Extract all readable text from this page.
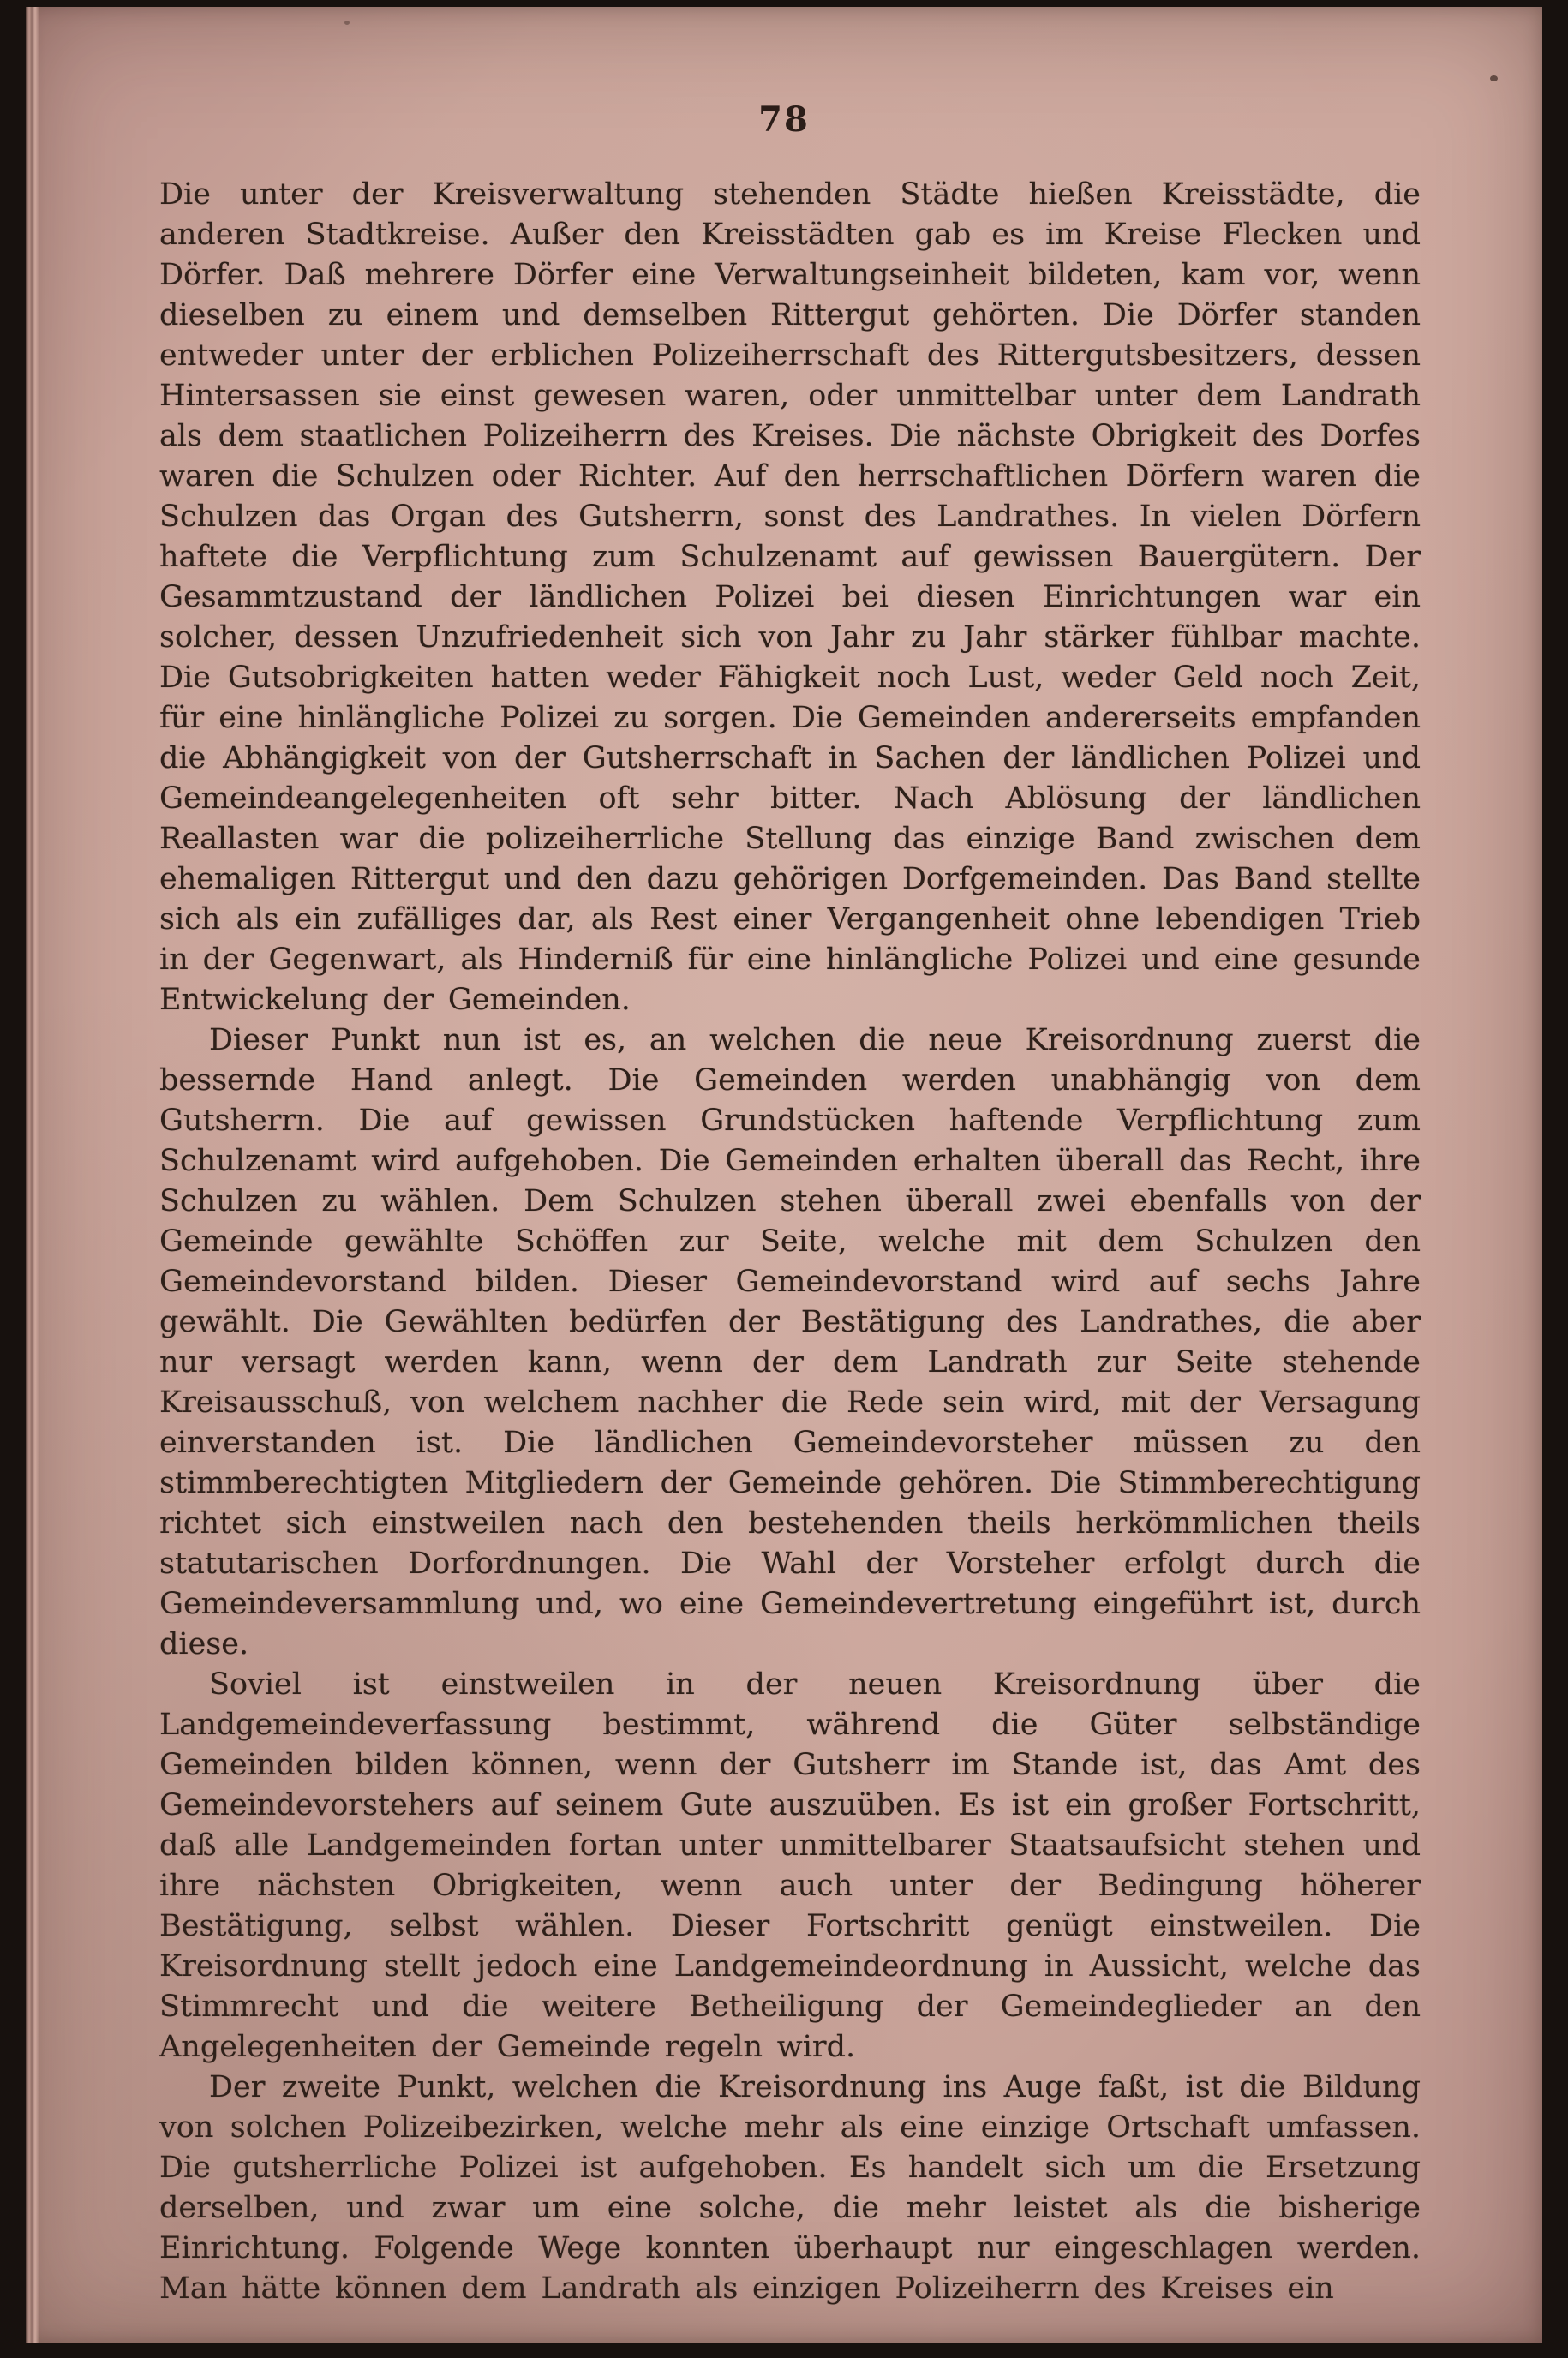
78

Die unter der Kreisverwaltung stehenden Städte hießen Kreisstädte, die anderen Stadtkreise. Außer den Kreisstädten gab es im Kreise Flecken und Dörfer. Daß mehrere Dörfer eine Verwaltungseinheit bildeten, kam vor, wenn dieselben zu einem und demselben Rittergut gehörten. Die Dörfer standen entweder unter der erblichen Polizeiherrschaft des Rittergutsbesitzers, dessen Hintersassen sie einst gewesen waren, oder unmittelbar unter dem Landrath als dem staatlichen Polizeiherrn des Kreises. Die nächste Obrigkeit des Dorfes waren die Schulzen oder Richter. Auf den herrschaftlichen Dörfern waren die Schulzen das Organ des Gutsherrn, sonst des Landrathes. In vielen Dörfern haftete die Verpflichtung zum Schulzenamt auf gewissen Bauergütern. Der Gesammtzustand der ländlichen Polizei bei diesen Einrichtungen war ein solcher, dessen Unzufriedenheit sich von Jahr zu Jahr stärker fühlbar machte. Die Gutsobrigkeiten hatten weder Fähigkeit noch Lust, weder Geld noch Zeit, für eine hinlängliche Polizei zu sorgen. Die Gemeinden andererseits empfanden die Abhängigkeit von der Gutsherrschaft in Sachen der ländlichen Polizei und Gemeindeangelegenheiten oft sehr bitter. Nach Ablösung der ländlichen Reallasten war die polizeiherrliche Stellung das einzige Band zwischen dem ehemaligen Rittergut und den dazu gehörigen Dorfgemeinden. Das Band stellte sich als ein zufälliges dar, als Rest einer Vergangenheit ohne lebendigen Trieb in der Gegenwart, als Hinderniß für eine hinlängliche Polizei und eine gesunde Entwickelung der Gemeinden.

Dieser Punkt nun ist es, an welchen die neue Kreisordnung zuerst die bessernde Hand anlegt. Die Gemeinden werden unabhängig von dem Gutsherrn. Die auf gewissen Grundstücken haftende Verpflichtung zum Schulzenamt wird aufgehoben. Die Gemeinden erhalten überall das Recht, ihre Schulzen zu wählen. Dem Schulzen stehen überall zwei ebenfalls von der Gemeinde gewählte Schöffen zur Seite, welche mit dem Schulzen den Gemeindevorstand bilden. Dieser Gemeindevorstand wird auf sechs Jahre gewählt. Die Gewählten bedürfen der Bestätigung des Landrathes, die aber nur versagt werden kann, wenn der dem Landrath zur Seite stehende Kreisausschuß, von welchem nachher die Rede sein wird, mit der Versagung einverstanden ist. Die ländlichen Gemeindevorsteher müssen zu den stimmberechtigten Mitgliedern der Gemeinde gehören. Die Stimmberechtigung richtet sich einstweilen nach den bestehenden theils herkömmlichen theils statutarischen Dorfordnungen. Die Wahl der Vorsteher erfolgt durch die Gemeindeversammlung und, wo eine Gemeindevertretung eingeführt ist, durch diese.

Soviel ist einstweilen in der neuen Kreisordnung über die Landgemeindeverfassung bestimmt, während die Güter selbständige Gemeinden bilden können, wenn der Gutsherr im Stande ist, das Amt des Gemeindevorstehers auf seinem Gute auszuüben. Es ist ein großer Fortschritt, daß alle Landgemeinden fortan unter unmittelbarer Staatsaufsicht stehen und ihre nächsten Obrigkeiten, wenn auch unter der Bedingung höherer Bestätigung, selbst wählen. Dieser Fortschritt genügt einstweilen. Die Kreisordnung stellt jedoch eine Landgemeindeordnung in Aussicht, welche das Stimmrecht und die weitere Betheiligung der Gemeindeglieder an den Angelegenheiten der Gemeinde regeln wird.

Der zweite Punkt, welchen die Kreisordnung ins Auge faßt, ist die Bildung von solchen Polizeibezirken, welche mehr als eine einzige Ortschaft umfassen. Die gutsherrliche Polizei ist aufgehoben. Es handelt sich um die Ersetzung derselben, und zwar um eine solche, die mehr leistet als die bisherige Einrichtung. Folgende Wege konnten überhaupt nur eingeschlagen werden. Man hätte können dem Landrath als einzigen Polizeiherrn des Kreises ein
